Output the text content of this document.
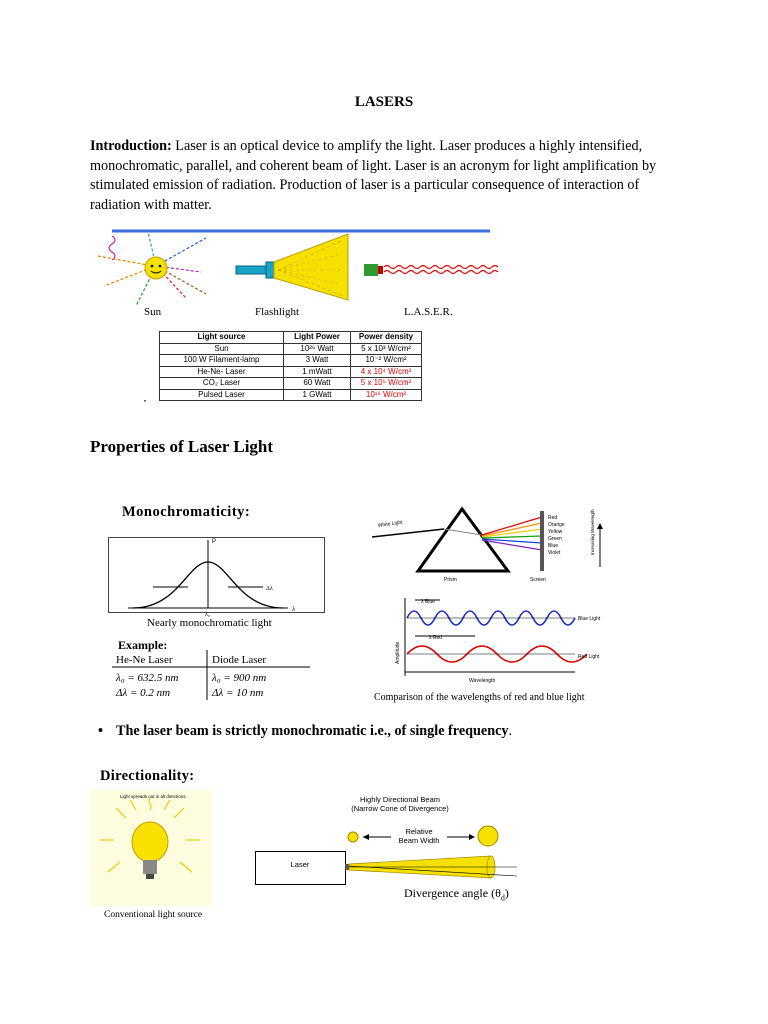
LASERS
Introduction: Laser is an optical device to amplify the light. Laser produces a highly intensified, monochromatic, parallel, and coherent beam of light. Laser is an acronym for light amplification by stimulated emission of radiation. Production of laser is a particular consequence of interaction of radiation with matter.
Sun	Flashlight	L.A.S.E.R.
Light source	Light Power	Power density
Sun	10²⁶ Watt	5 x 10³ W/cm²
100 W Filament-lamp	3 Watt	10⁻² W/cm²
He-Ne- Laser	1 mWatt	4 x 10⁴ W/cm²
CO₂ Laser	60 Watt	5 x 10⁵ W/cm²
Pulsed Laser	1 GWatt	10¹⁶ W/cm²
Properties of Laser Light
Monochromaticity:
P
λ
Δλ
λ₀
Nearly monochromatic light
Example:
He-Ne Laser	Diode Laser
λ₀ = 632.5 nm	λ₀ = 900 nm
Δλ = 0.2 nm	Δλ = 10 nm
White Light
Red
Orange
Yellow
Green
Blue
Violet	Increasing Wavelength
Prism	Screen
λ Blue
λ Red
Blue Light
Red Light
Amplitude
Wavelength
Comparison of the wavelengths of red and blue light
• The laser beam is strictly monochromatic i.e., of single frequency.
Directionality:
Light spreads out in all directions
Conventional light source
Highly Directional Beam
(Narrow Cone of Divergence)
Relative
Beam Width
Laser
Divergence angle $(\theta_d)$
